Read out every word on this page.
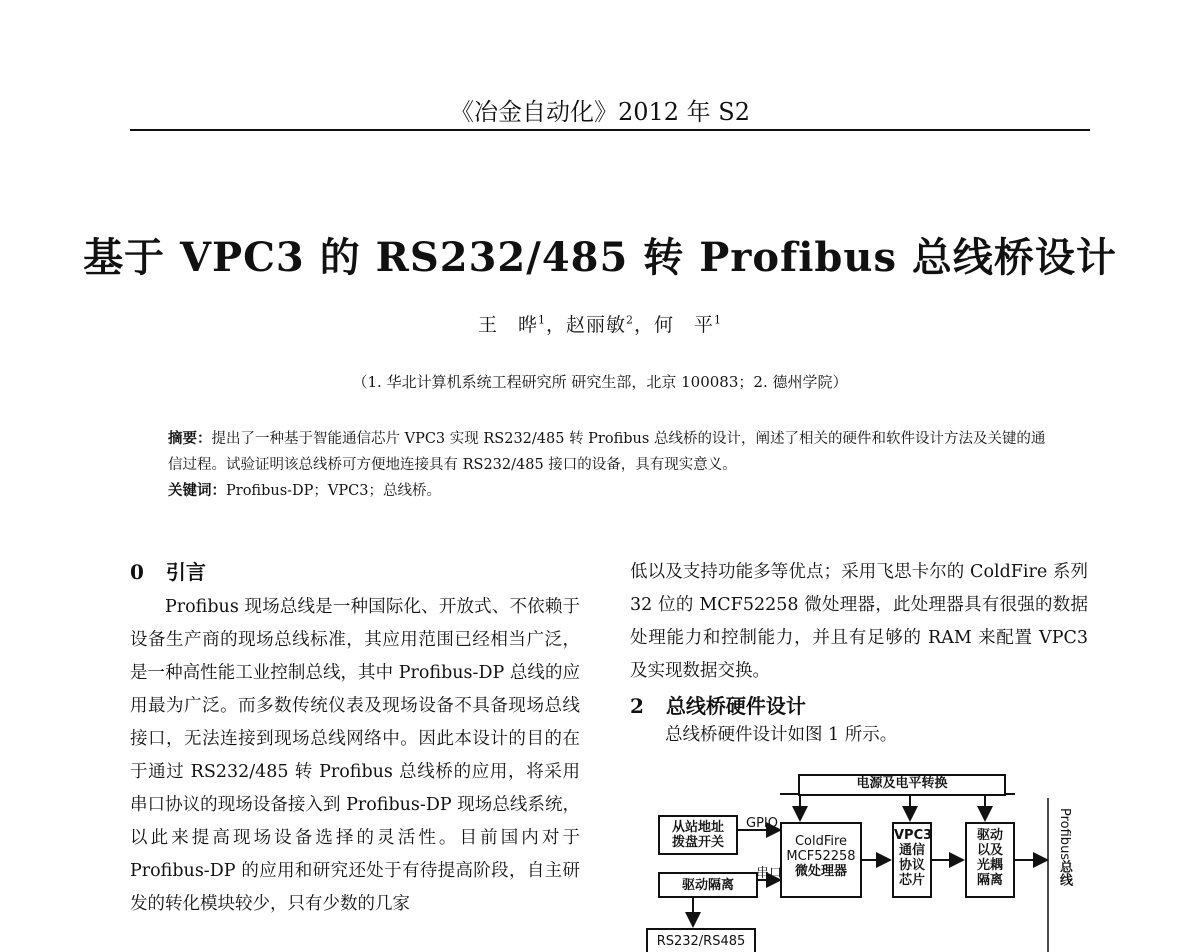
《冶金自动化》2012 年 S2
基于 VPC3 的 RS232/485 转 Profibus 总线桥设计
王　晔$^1$，赵丽敏$^2$，何　平$^1$
（1. 华北计算机系统工程研究所 研究生部，北京 100083；2. 德州学院）
摘要：提出了一种基于智能通信芯片 VPC3 实现 RS232/485 转 Profibus 总线桥的设计，阐述了相关的硬件和软件设计方法及关键的通信过程。试验证明该总线桥可方便地连接具有 RS232/485 接口的设备，具有现实意义。
关键词：Profibus-DP；VPC3；总线桥。
0 引言
Profibus 现场总线是一种国际化、开放式、不依赖于设备生产商的现场总线标准，其应用范围已经相当广泛，是一种高性能工业控制总线，其中 Profibus-DP 总线的应用最为广泛。而多数传统仪表及现场设备不具备现场总线接口，无法连接到现场总线网络中。因此本设计的目的在于通过 RS232/485 转 Profibus 总线桥的应用，将采用串口协议的现场设备接入到 Profibus-DP 现场总线系统，以此来提高现场设备选择的灵活性。目前国内对于 Profibus-DP 的应用和研究还处于有待提高阶段，自主研发的转化模块较少，只有少数的几家
低以及支持功能多等优点；采用飞思卡尔的 ColdFire 系列 32 位的 MCF52258 微处理器，此处理器具有很强的数据处理能力和控制能力，并且有足够的 RAM 来配置 VPC3 及实现数据交换。
2 总线桥硬件设计
总线桥硬件设计如图 1 所示。
电源及电平转换
从站地址
拨盘开关
GPIO
ColdFire
MCF52258
微处理器
VPC3
通信
协议
芯片
驱动
以及
光耦
隔离
驱动隔离
串口
RS232/RS485
Profibus总线
